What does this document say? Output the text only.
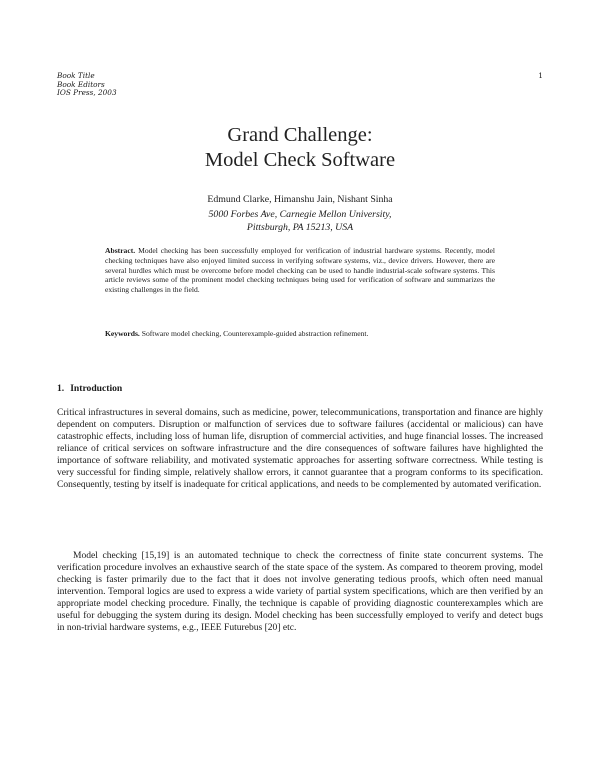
Book Title
Book Editors
IOS Press, 2003
1
Grand Challenge:
Model Check Software
Edmund Clarke, Himanshu Jain, Nishant Sinha
5000 Forbes Ave, Carnegie Mellon University,
Pittsburgh, PA 15213, USA
Abstract. Model checking has been successfully employed for verification of industrial hardware systems. Recently, model checking techniques have also enjoyed limited success in verifying software systems, viz., device drivers. However, there are several hurdles which must be overcome before model checking can be used to handle industrial-scale software systems. This article reviews some of the prominent model checking techniques being used for verification of software and summarizes the existing challenges in the field.
Keywords. Software model checking, Counterexample-guided abstraction refinement.
1. Introduction

Critical infrastructures in several domains, such as medicine, power, telecommunications, transportation and finance are highly dependent on computers. Disruption or malfunction of services due to software failures (accidental or malicious) can have catastrophic effects, including loss of human life, disruption of commercial activities, and huge financial losses. The increased reliance of critical services on software infrastructure and the dire consequences of software failures have highlighted the importance of software reliability, and motivated systematic approaches for asserting software correctness. While testing is very successful for finding simple, relatively shallow errors, it cannot guarantee that a program conforms to its specification. Consequently, testing by itself is inadequate for critical applications, and needs to be complemented by automated verification.

Model checking [15,19] is an automated technique to check the correctness of finite state concurrent systems. The verification procedure involves an exhaustive search of the state space of the system. As compared to theorem proving, model checking is faster primarily due to the fact that it does not involve generating tedious proofs, which often need manual intervention. Temporal logics are used to express a wide variety of partial system specifications, which are then verified by an appropriate model checking procedure. Finally, the technique is capable of providing diagnostic counterexamples which are useful for debugging the system during its design. Model checking has been successfully employed to verify and detect bugs in non-trivial hardware systems, e.g., IEEE Futurebus [20] etc.
